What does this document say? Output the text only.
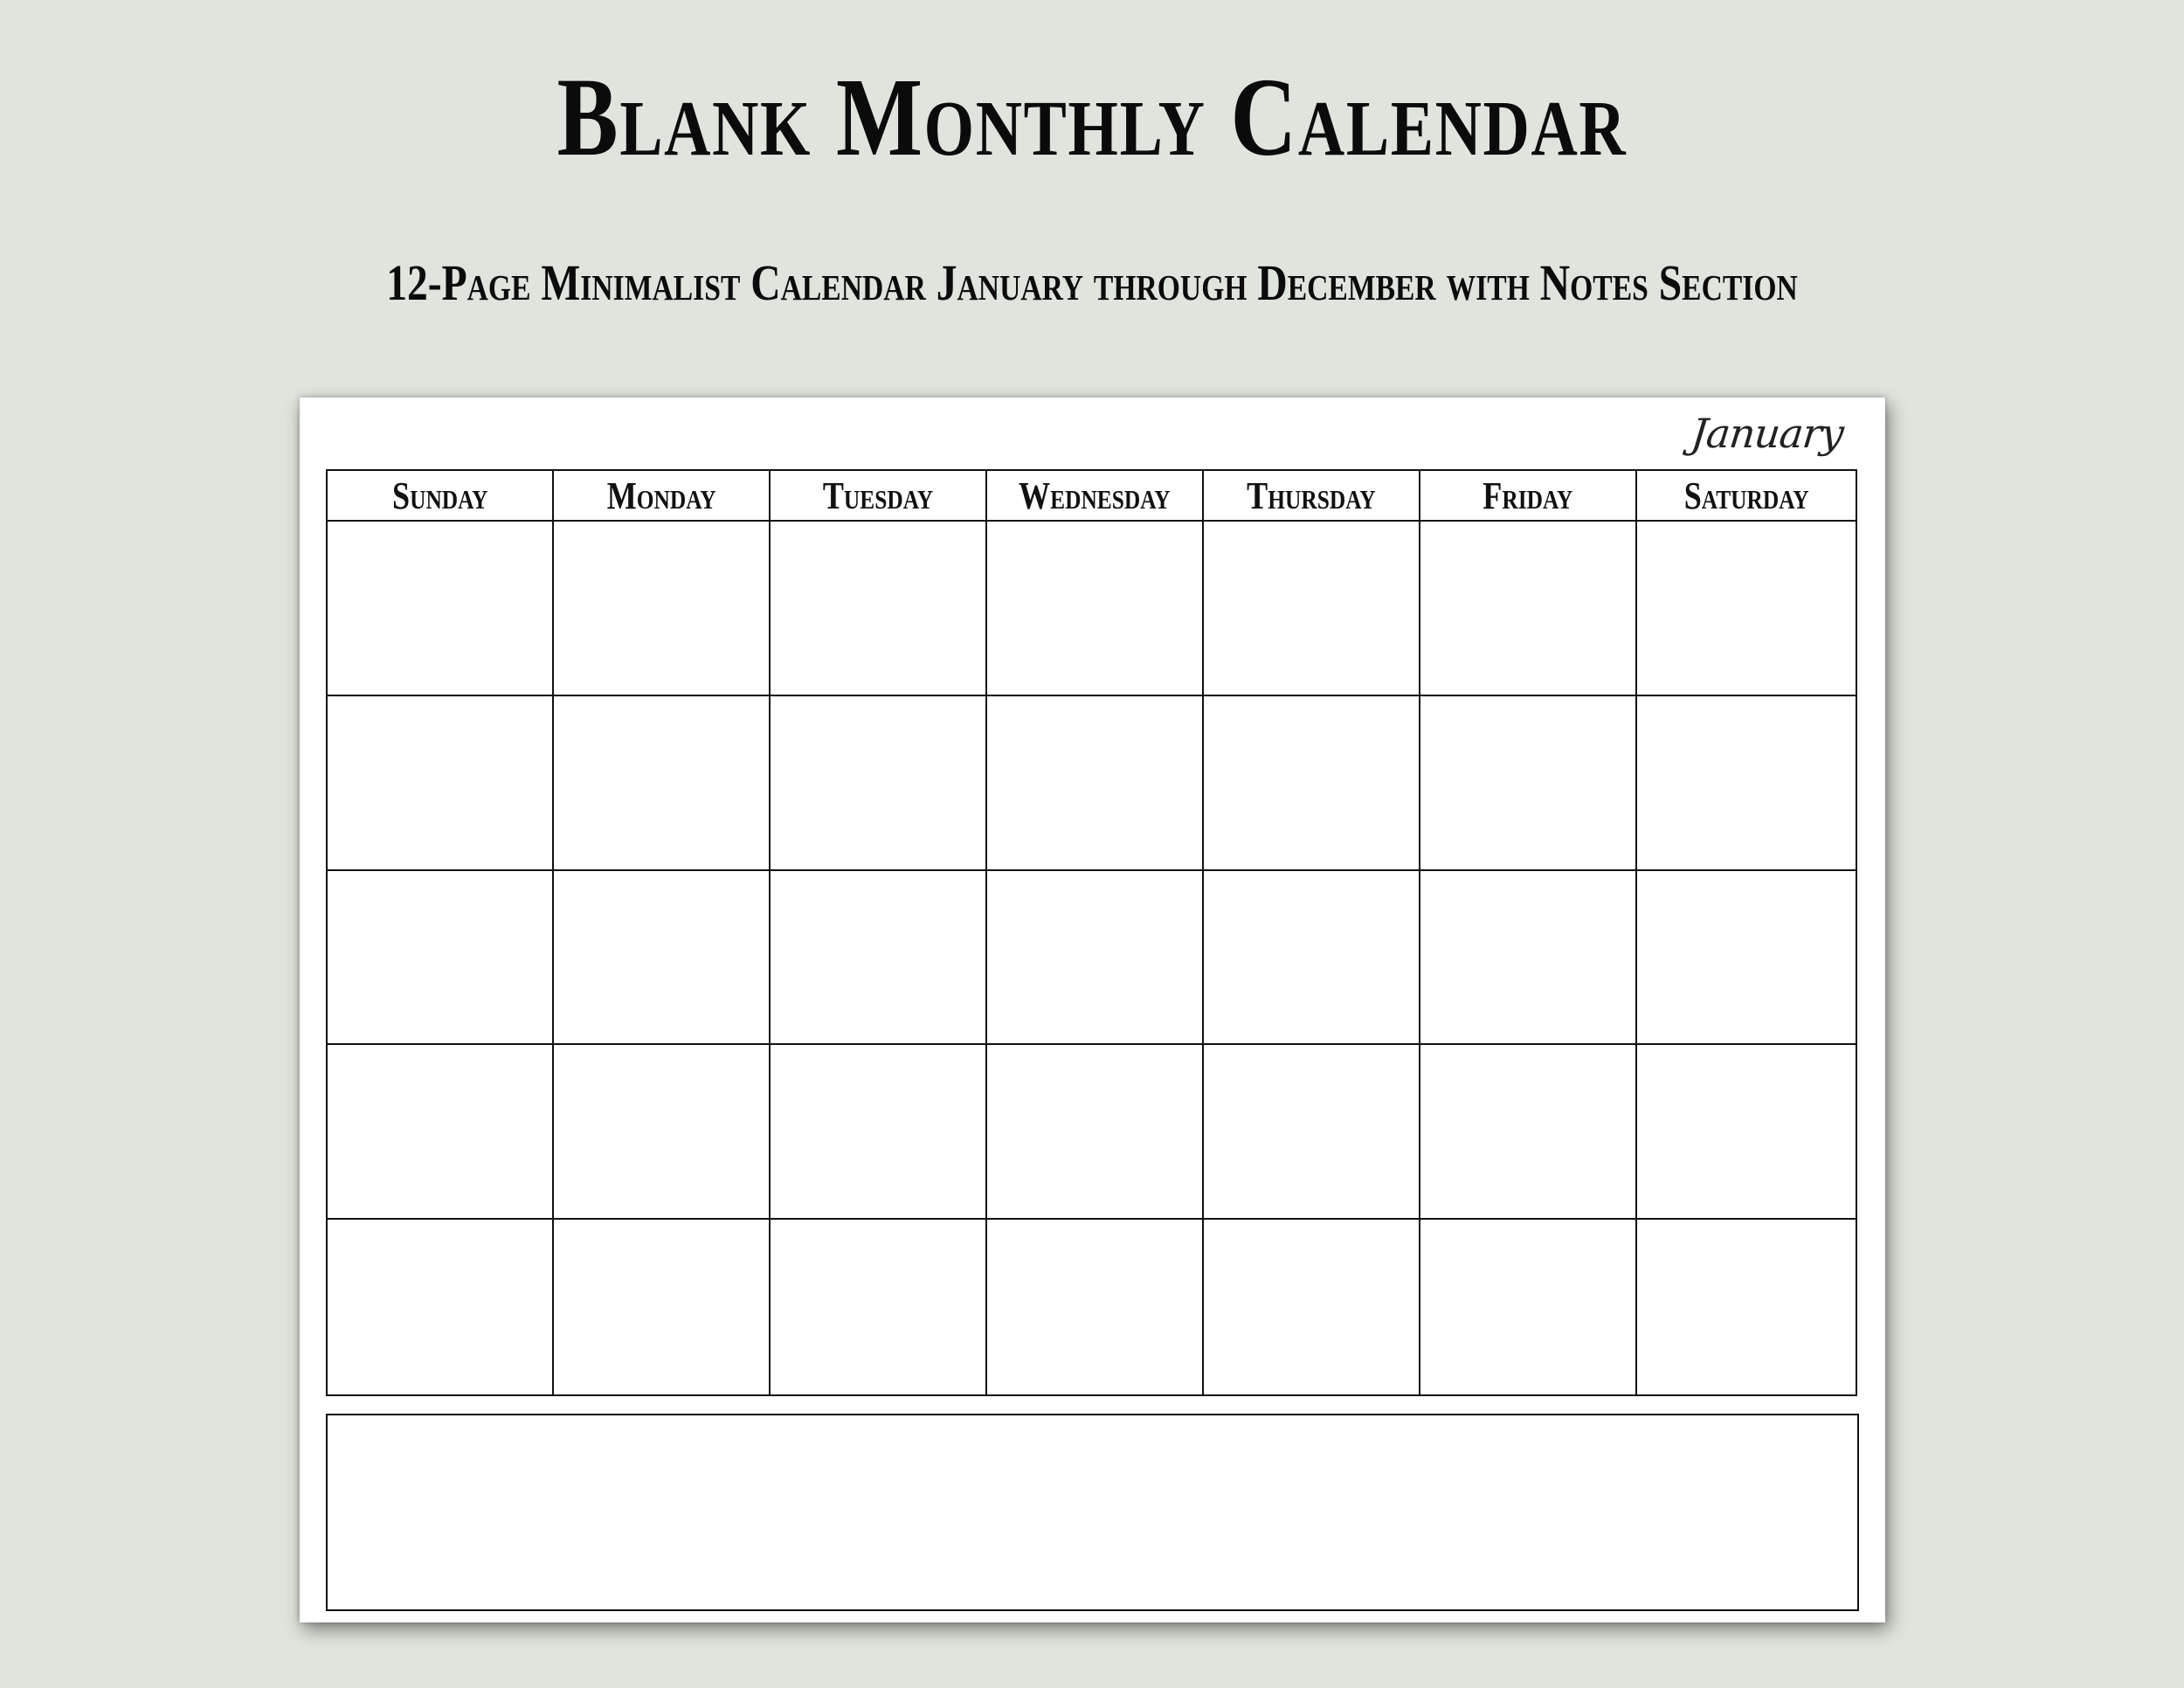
Blank Monthly Calendar
12-Page Minimalist Calendar January through December with Notes Section
January
Sunday	Monday	Tuesday Wednesday Thursday	Friday	Saturday
